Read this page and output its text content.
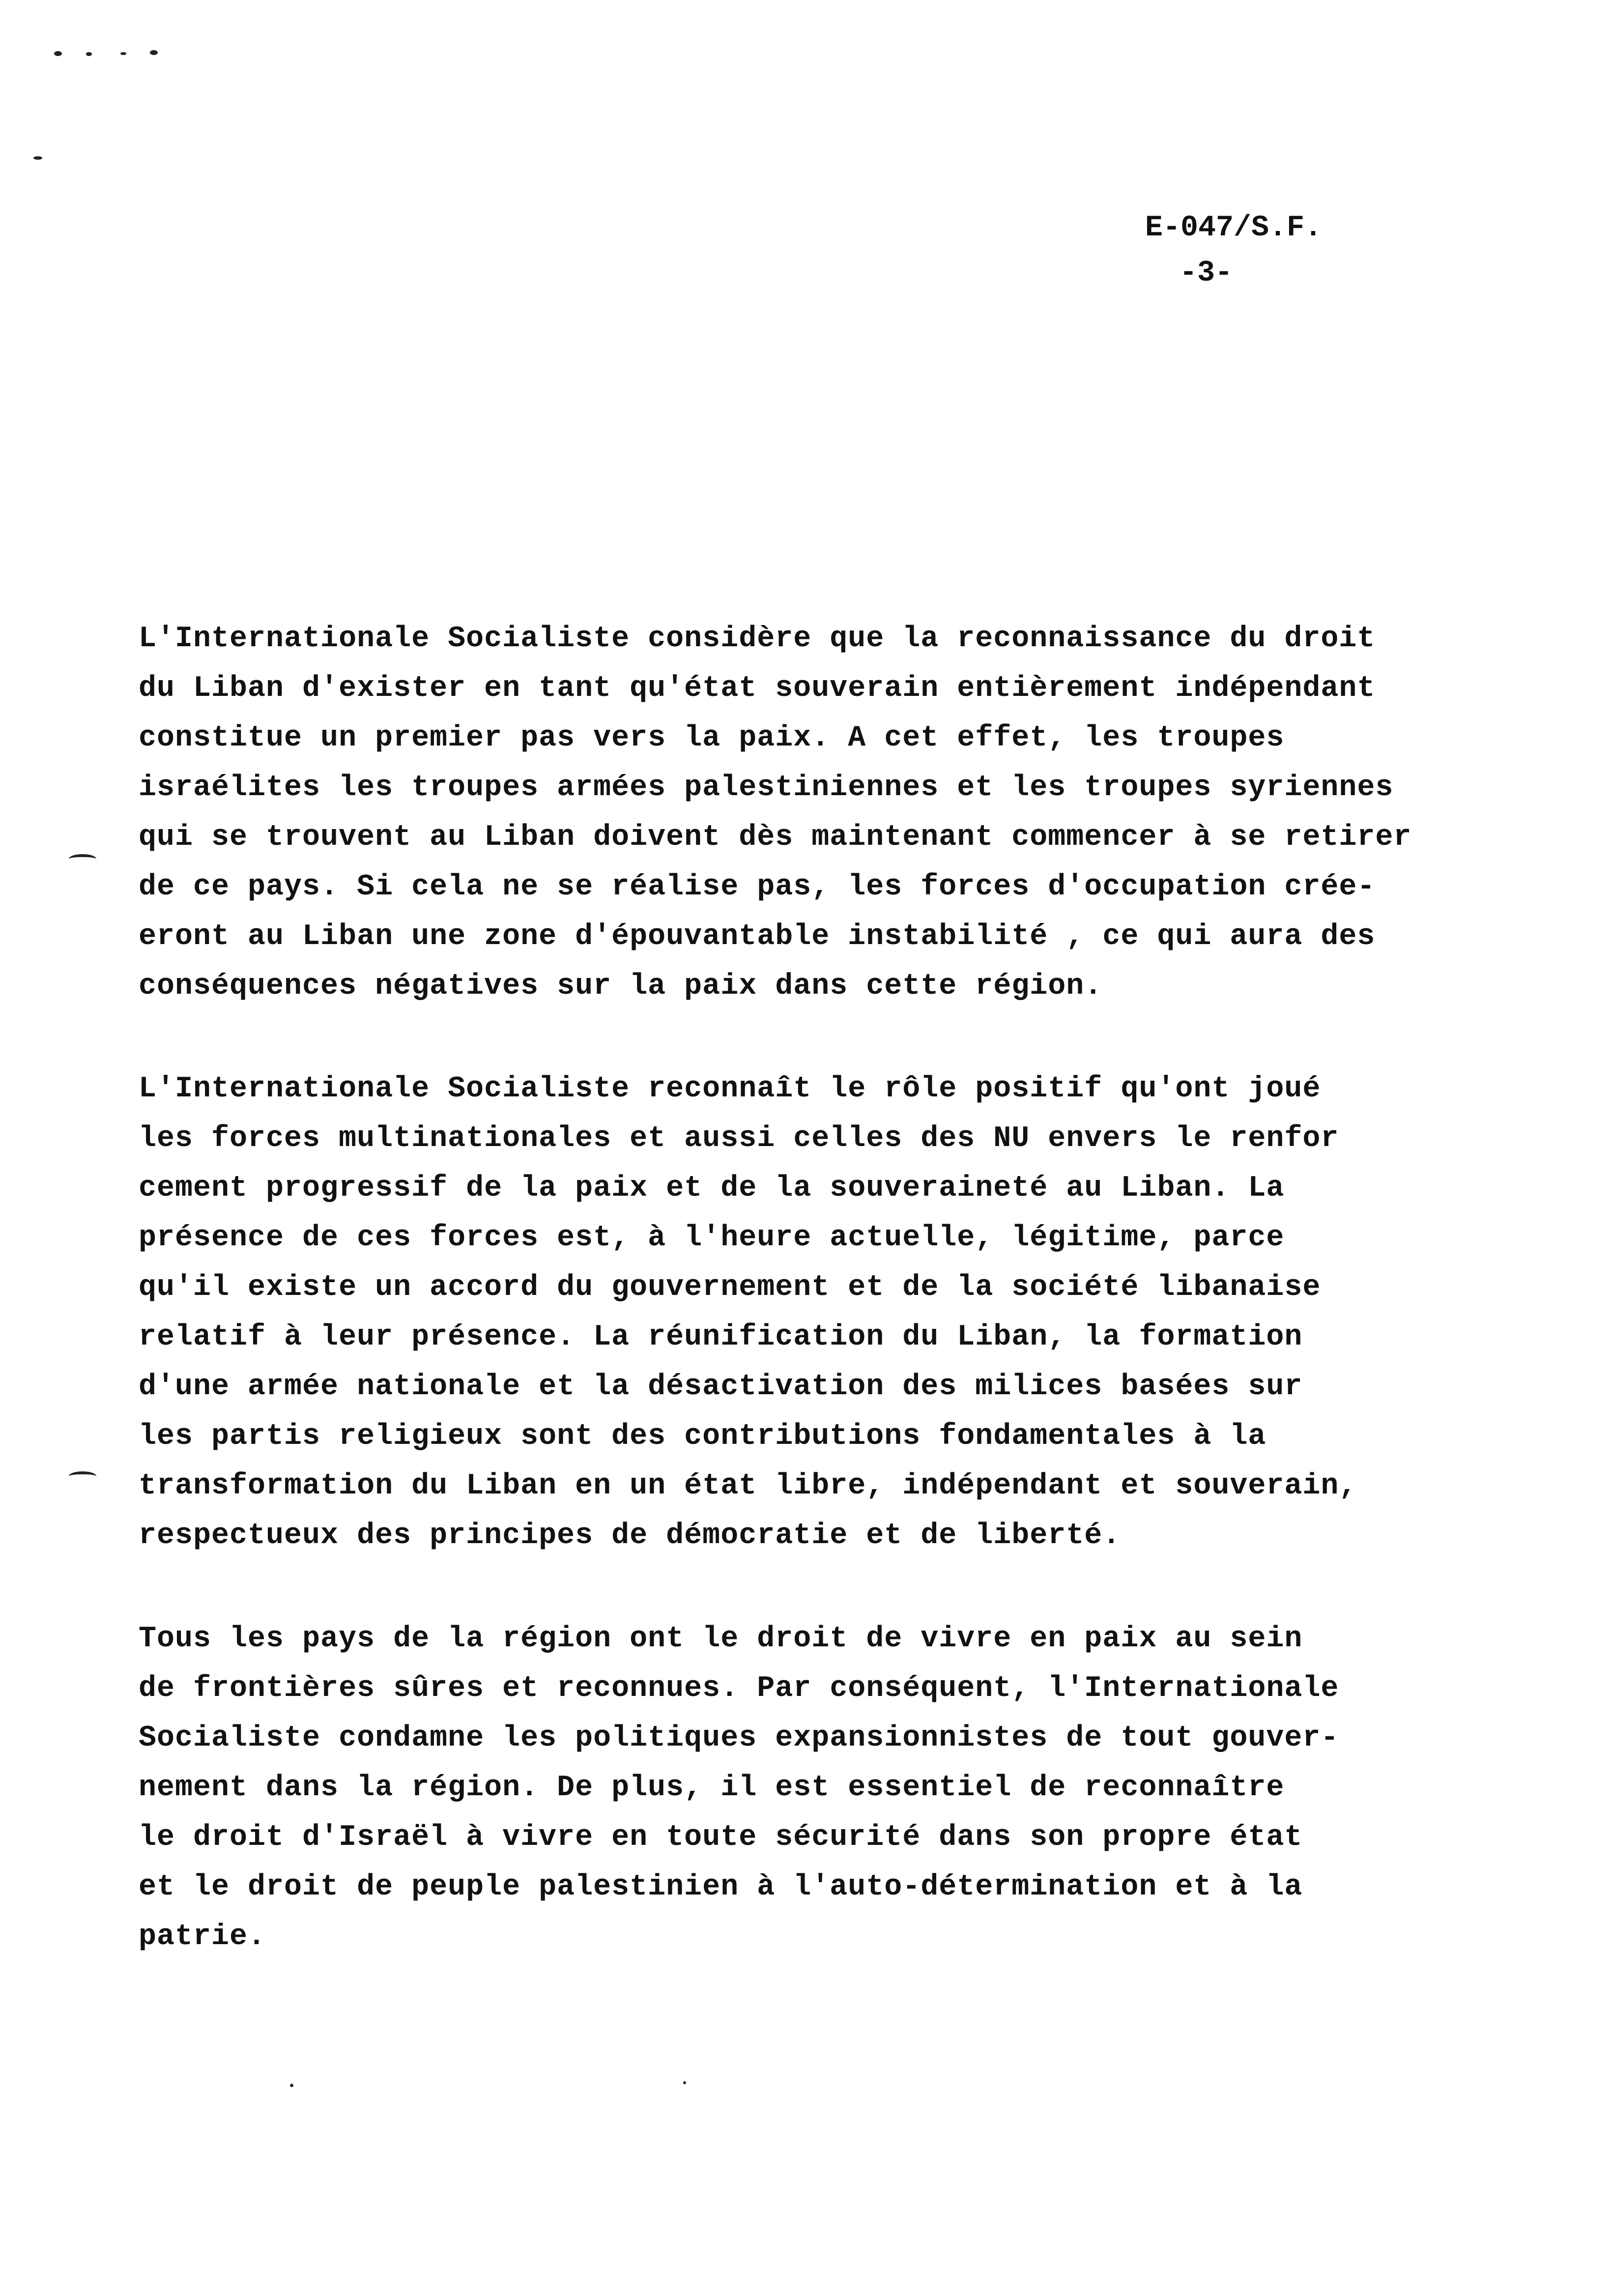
E-047/S.F.
-3-
L'Internationale Socialiste considère que la reconnaissance du droit
du Liban d'exister en tant qu'état souverain entièrement indépendant
constitue un premier pas vers la paix. A cet effet, les troupes
israélites les troupes armées palestiniennes et les troupes syriennes
qui se trouvent au Liban doivent dès maintenant commencer à se retirer
de ce pays. Si cela ne se réalise pas, les forces d'occupation crée-
eront au Liban une zone d'épouvantable instabilité , ce qui aura des
conséquences négatives sur la paix dans cette région.
L'Internationale Socialiste reconnaît le rôle positif qu'ont joué
les forces multinationales et aussi celles des NU envers le renfor
cement progressif de la paix et de la souveraineté au Liban. La
présence de ces forces est, à l'heure actuelle, légitime, parce
qu'il existe un accord du gouvernement et de la société libanaise
relatif à leur présence. La réunification du Liban, la formation
d'une armée nationale et la désactivation des milices basées sur
les partis religieux sont des contributions fondamentales à la
transformation du Liban en un état libre, indépendant et souverain,
respectueux des principes de démocratie et de liberté.
Tous les pays de la région ont le droit de vivre en paix au sein
de frontières sûres et reconnues. Par conséquent, l'Internationale
Socialiste condamne les politiques expansionnistes de tout gouver-
nement dans la région. De plus, il est essentiel de reconnaître
le droit d'Israël à vivre en toute sécurité dans son propre état
et le droit de peuple palestinien à l'auto-détermination et à la
patrie.
